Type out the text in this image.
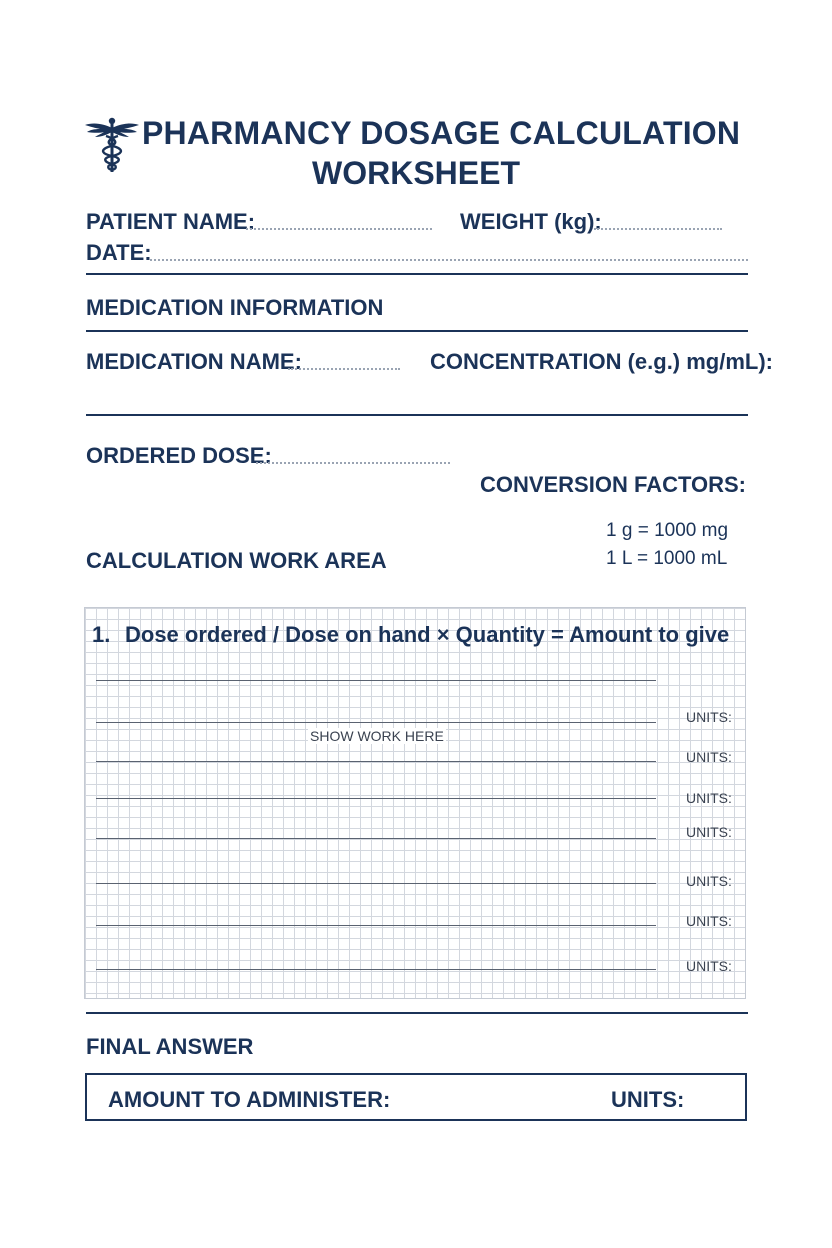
PHARMANCY DOSAGE CALCULATION
WORKSHEET
PATIENT NAME:	WEIGHT (kg):
DATE:
MEDICATION INFORMATION
MEDICATION NAME:	CONCENTRATION (e.g.) mg/mL):
ORDERED DOSE:
CONVERSION FACTORS:
1 g = 1000 mg
1 L = 1000 mL
CALCULATION WORK AREA
1. Dose ordered / Dose on hand × Quantity = Amount to give
SHOW WORK HERE
UNITS:
UNITS:
UNITS:
UNITS:
UNITS:
UNITS:
UNITS:
FINAL ANSWER
AMOUNT TO ADMINISTER:	UNITS:
